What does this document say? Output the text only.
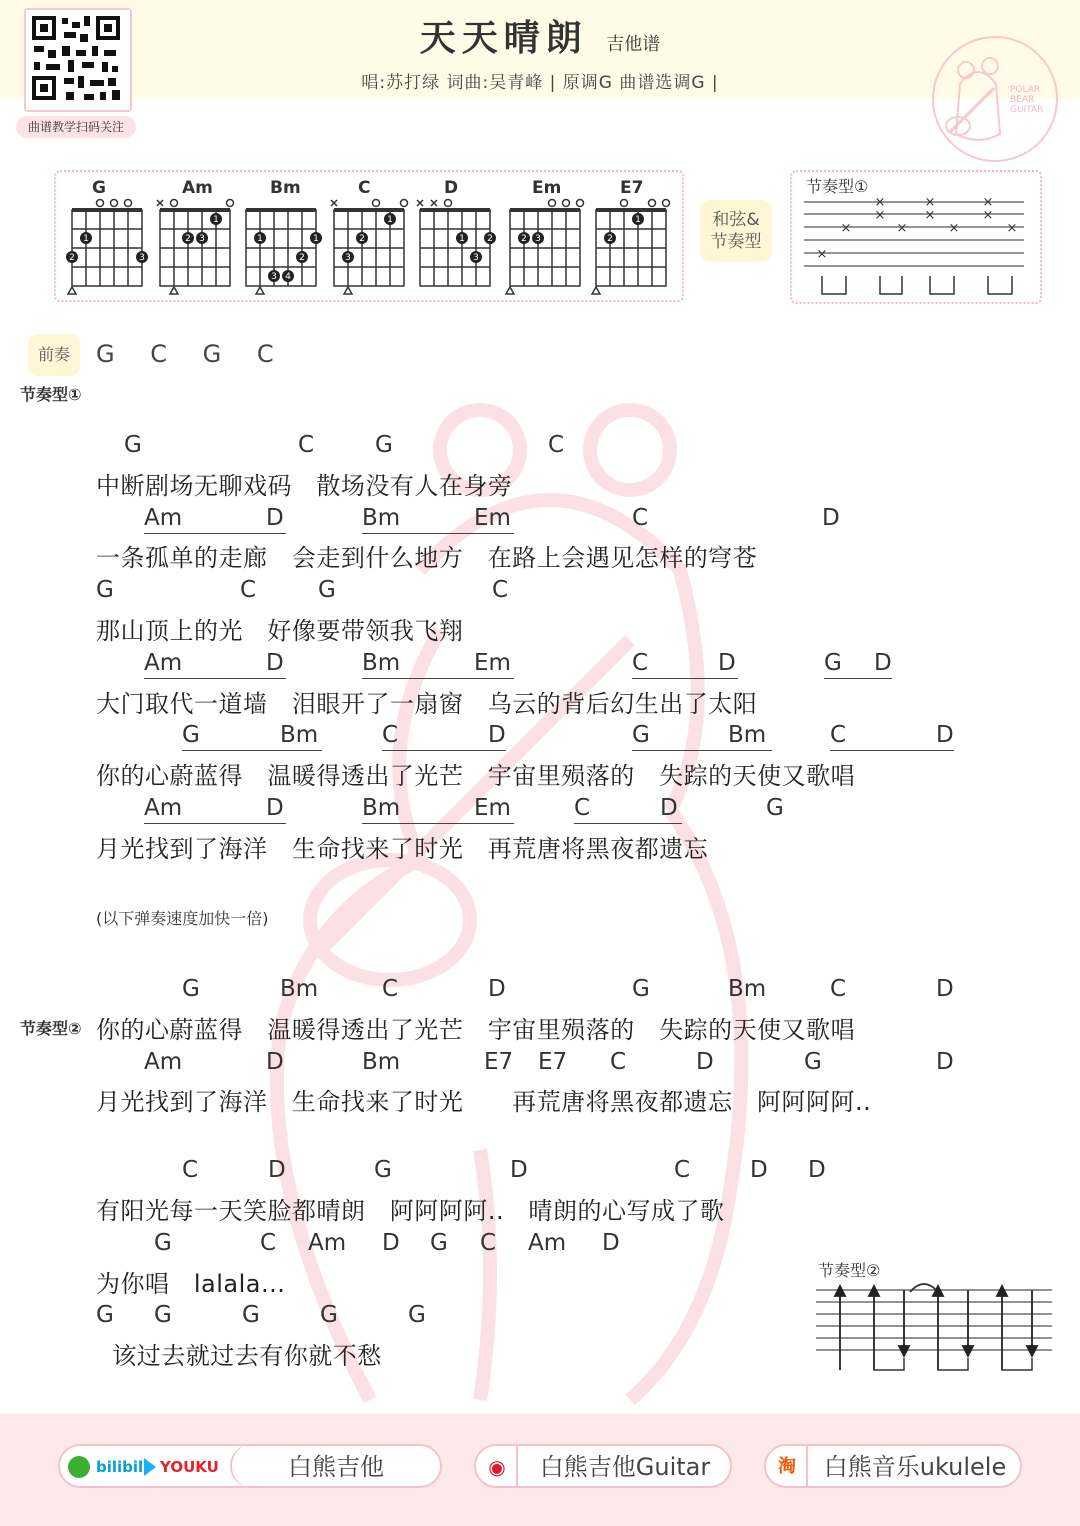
曲谱教学扫码关注
天天晴朗 吉他谱
唱:苏打绿 词曲:吴青峰 | 原调G 曲谱选调G |	POLAR
BEAR
GUITAR
G
1
2	3
Am
1
2 3
Bm
1
2
1
3 4
C
1
2
3
D
1 2
3
Em
2 3
E7
1
2
和弦&
节奏型
节奏型①
×
×
×
×
×
×
×
×
×
×
×
前奏	G C G C
节奏型①
G	C	G	C
中断剧场无聊戏码   散场没有人在身旁
Am	D	Bm	Em	C	D
一条孤单的走廊   会走到什么地方   在路上会遇见怎样的穹苍
G	C	G	C
那山顶上的光   好像要带领我飞翔
Am	D	Bm	Em	C	D	G D
大门取代一道墙   泪眼开了一扇窗   乌云的背后幻生出了太阳
G	Bm	C	D	G	Bm	C	D
你的心蔚蓝得   温暖得透出了光芒   宇宙里殒落的   失踪的天使又歌唱
Am	D	Bm	Em	C	D	G
月光找到了海洋   生命找来了时光   再荒唐将黑夜都遗忘
(以下弹奏速度加快一倍)
G	Bm	C	D	G	Bm	C	D
节奏型② 你的心蔚蓝得   温暖得透出了光芒   宇宙里殒落的   失踪的天使又歌唱
Am	D	Bm	E7 E7 C	D	G	D
月光找到了海洋   生命找来了时光      再荒唐将黑夜都遗忘   阿阿阿阿..
C	D	G	D	C	D D
有阳光每一天笑脸都晴朗   阿阿阿阿..   晴朗的心写成了歌
G	C Am D G C Am D
为你唱   lalala...
G G	G	G	G
该过去就过去有你就不愁
节奏型②
bilibili YOUKU	白熊吉他	◉	白熊吉他Guitar	淘	白熊音乐ukulele
